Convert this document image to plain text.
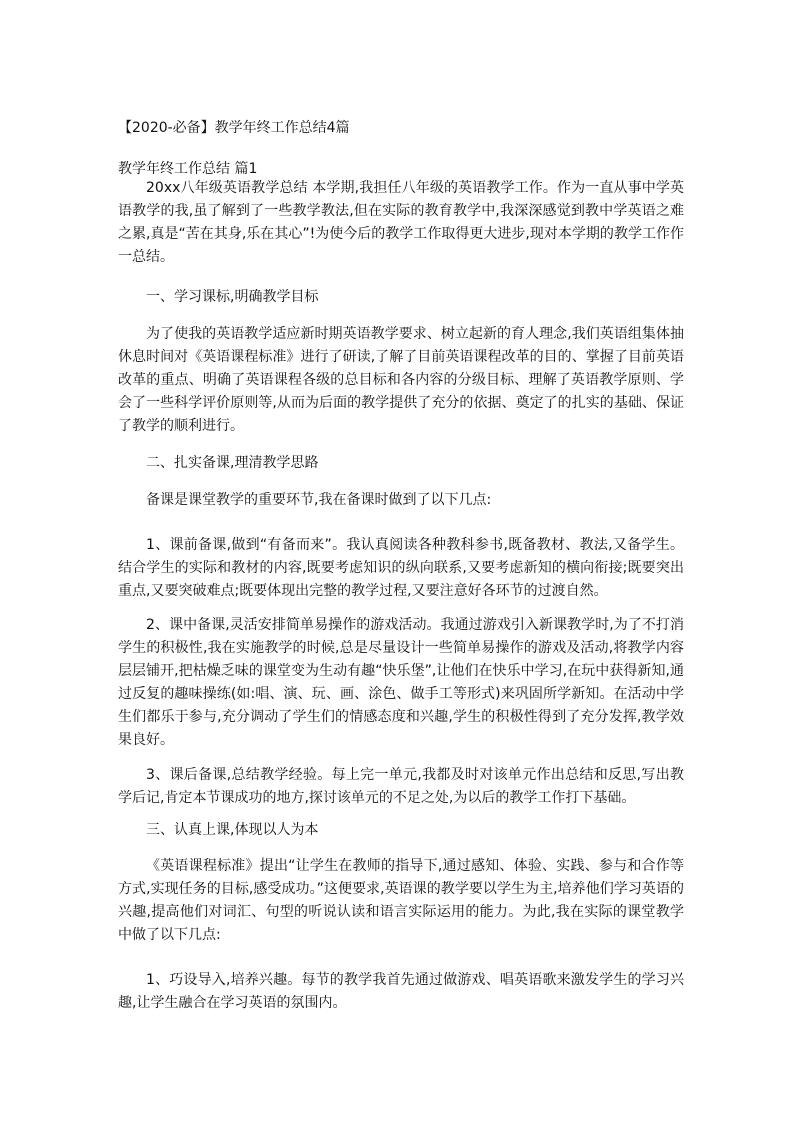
【2020-必备】教学年终工作总结4篇
教学年终工作总结 篇1

20xx八年级英语教学总结 本学期,我担任八年级的英语教学工作。作为一直从事中学英语教学的我,虽了解到了一些教学教法,但在实际的教育教学中,我深深感觉到教中学英语之难之累,真是“苦在其身,乐在其心”!为使今后的教学工作取得更大进步,现对本学期的教学工作作一总结。

一、学习课标,明确教学目标

为了使我的英语教学适应新时期英语教学要求、树立起新的育人理念,我们英语组集体抽休息时间对《英语课程标准》进行了研读,了解了目前英语课程改革的目的、掌握了目前英语改革的重点、明确了英语课程各级的总目标和各内容的分级目标、理解了英语教学原则、学会了一些科学评价原则等,从而为后面的教学提供了充分的依据、奠定了的扎实的基础、保证了教学的顺利进行。

二、扎实备课,理清教学思路

备课是课堂教学的重要环节,我在备课时做到了以下几点:

1、课前备课,做到“有备而来”。我认真阅读各种教科参书,既备教材、教法,又备学生。结合学生的实际和教材的内容,既要考虑知识的纵向联系,又要考虑新知的横向衔接;既要突出重点,又要突破难点;既要体现出完整的教学过程,又要注意好各环节的过渡自然。

2、课中备课,灵活安排简单易操作的游戏活动。我通过游戏引入新课教学时,为了不打消学生的积极性,我在实施教学的时候,总是尽量设计一些简单易操作的游戏及活动,将教学内容层层铺开,把枯燥乏味的课堂变为生动有趣“快乐堡”,让他们在快乐中学习,在玩中获得新知,通过反复的趣味操练(如:唱、演、玩、画、涂色、做手工等形式)来巩固所学新知。在活动中学生们都乐于参与,充分调动了学生们的情感态度和兴趣,学生的积极性得到了充分发挥,教学效果良好。

3、课后备课,总结教学经验。每上完一单元,我都及时对该单元作出总结和反思,写出教学后记,肯定本节课成功的地方,探讨该单元的不足之处,为以后的教学工作打下基础。

三、认真上课,体现以人为本

《英语课程标准》提出“让学生在教师的指导下,通过感知、体验、实践、参与和合作等方式,实现任务的目标,感受成功。”这便要求,英语课的教学要以学生为主,培养他们学习英语的兴趣,提高他们对词汇、句型的听说认读和语言实际运用的能力。为此,我在实际的课堂教学中做了以下几点:

1、巧设导入,培养兴趣。每节的教学我首先通过做游戏、唱英语歌来激发学生的学习兴趣,让学生融合在学习英语的氛围内。
